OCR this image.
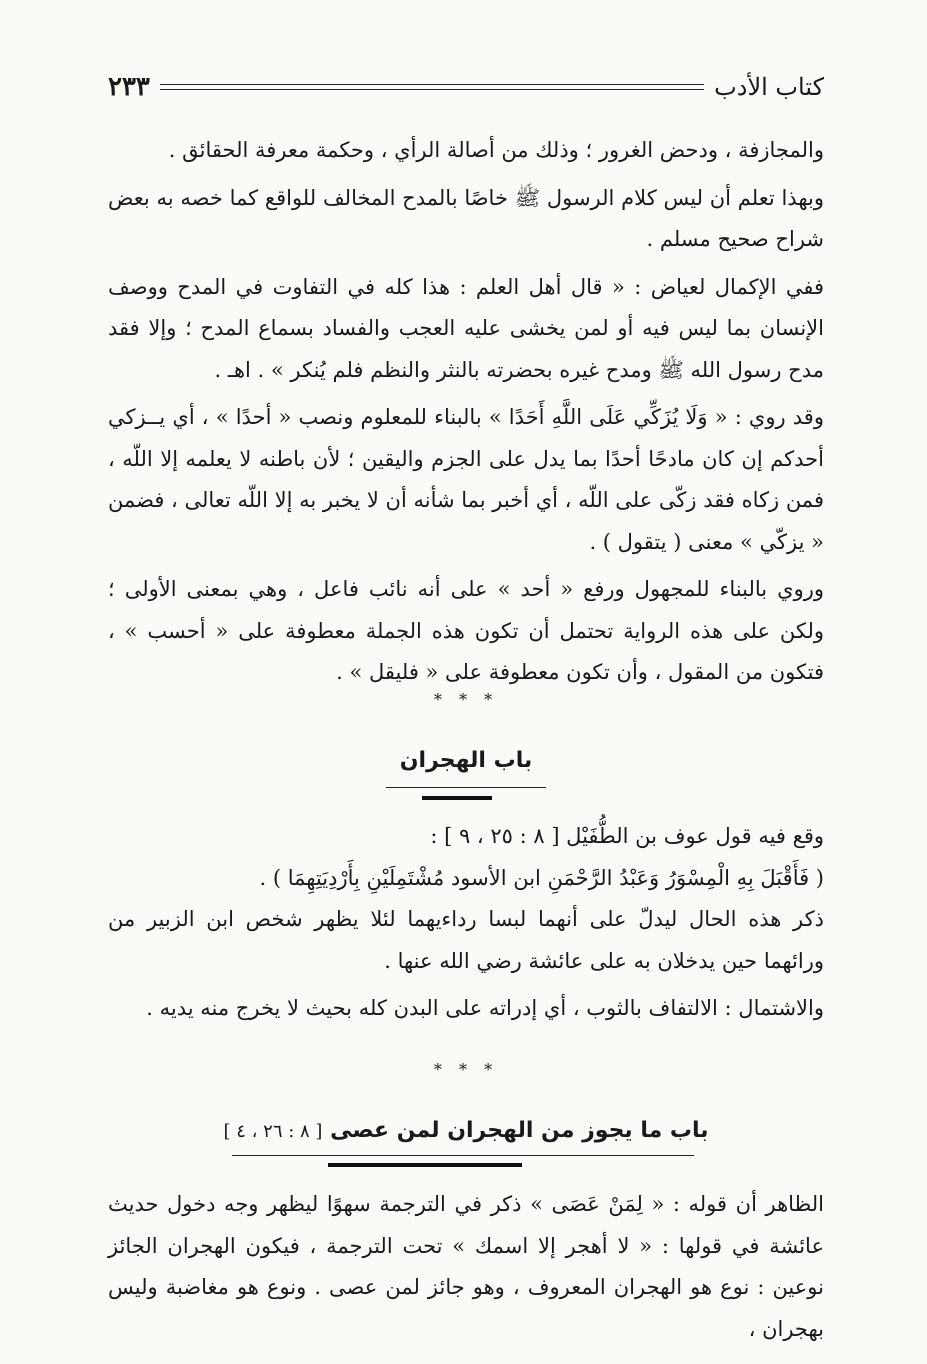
كتاب الأدب
٢٣٣

والمجازفة ، ودحض الغرور ؛ وذلك من أصالة الرأي ، وحكمة معرفة الحقائق .

وبهذا تعلم أن ليس كلام الرسول ﷺ خاصًا بالمدح المخالف للواقع كما خصه به بعض شراح صحيح مسلم .

ففي الإكمال لعياض : « قال أهل العلم : هذا كله في التفاوت في المدح ووصف الإنسان بما ليس فيه أو لمن يخشى عليه العجب والفساد بسماع المدح ؛ وإلا فقد مدح رسول الله ﷺ ومدح غيره بحضرته بالنثر والنظم فلم يُنكر » . اهـ .

وقد روي : « وَلَا يُزَكِّي عَلَى اللَّهِ أَحَدًا » بالبناء للمعلوم ونصب « أحدًا » ، أي يــزكي أحدكم إن كان مادحًا أحدًا بما يدل على الجزم واليقين ؛ لأن باطنه لا يعلمه إلا اللّه ، فمن زكاه فقد زكّى على اللّه ، أي أخبر بما شأنه أن لا يخبر به إلا اللّه تعالى ، فضمن « يزكّي » معنى ( يتقول ) .

وروي بالبناء للمجهول ورفع « أحد » على أنه نائب فاعل ، وهي بمعنى الأولى ؛ ولكن على هذه الرواية تحتمل أن تكون هذه الجملة معطوفة على « أحسب » ، فتكون من المقول ، وأن تكون معطوفة على « فليقل » .

* * *
باب الهجران

وقع فيه قول عوف بن الطُّفَيْل [ ٨ : ٢٥ ، ٩ ] :

( فَأَقْبَلَ بِهِ الْمِسْوَرُ وَعَبْدُ الرَّحْمَنِ ابن الأسود مُشْتَمِلَيْنِ بِأَرْدِيَتِهِمَا ) .

ذكر هذه الحال ليدلّ على أنهما لبسا رداءيهما لئلا يظهر شخص ابن الزبير من ورائهما حين يدخلان به على عائشة رضي الله عنها .

والاشتمال : الالتفاف بالثوب ، أي إدراته على البدن كله بحيث لا يخرج منه يديه .

* * *
باب ما يجوز من الهجران لمن عصى [ ٨ : ٢٦ ، ٤ ]

الظاهر أن قوله : « لِمَنْ عَصَى » ذكر في الترجمة سهوًا ليظهر وجه دخول حديث عائشة في قولها : « لا أهجر إلا اسمك » تحت الترجمة ، فيكون الهجران الجائز نوعين : نوع هو الهجران المعروف ، وهو جائز لمن عصى . ونوع هو مغاضبة وليس بهجران ،
